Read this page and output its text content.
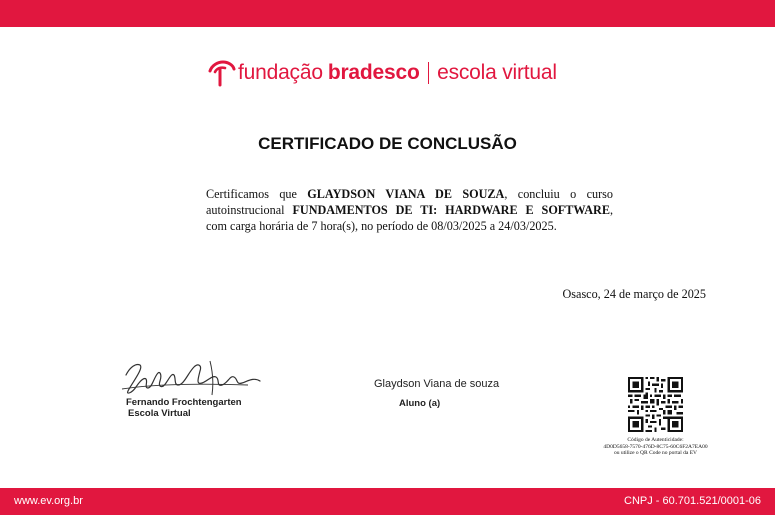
fundação bradesco escola virtual
CERTIFICADO DE CONCLUSÃO
Certificamos que GLAYDSON VIANA DE SOUZA, concluiu o curso
autoinstrucional FUNDAMENTOS DE TI: HARDWARE E SOFTWARE,
com carga horária de 7 hora(s), no período de 08/03/2025 a 24/03/2025.
Osasco, 24 de março de 2025
Fernando Frochtengarten
Escola Virtual
Glaydson Viana de souza
Aluno (a)
Código de Autenticidade:
4D0D5658-7570-476D-8C75-60C6F2A7EA00
ou utilize o QR Code no portal da EV
www.ev.org.br	CNPJ - 60.701.521/0001-06
